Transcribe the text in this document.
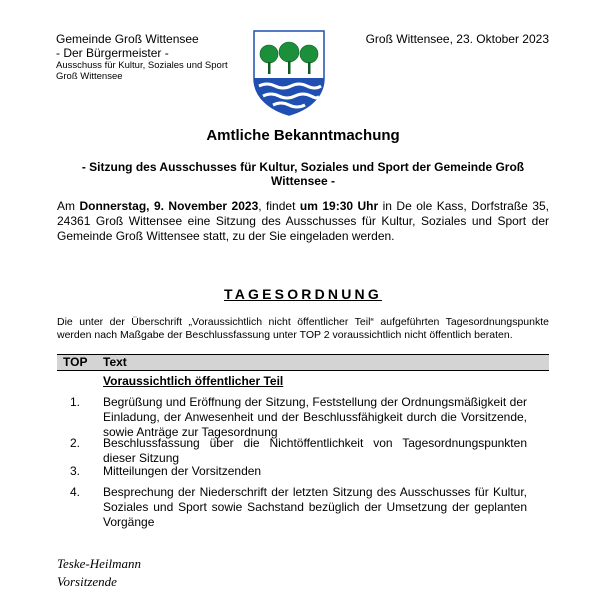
Gemeinde Groß Wittensee
- Der Bürgermeister -
Ausschuss für Kultur, Soziales und Sport
Groß Wittensee
Groß Wittensee, 23. Oktober 2023
Amtliche Bekanntmachung
- Sitzung des Ausschusses für Kultur, Soziales und Sport der Gemeinde Groß Wittensee -
Am Donnerstag, 9. November 2023, findet um 19:30 Uhr in De ole Kass, Dorfstraße 35, 24361 Groß Wittensee eine Sitzung des Ausschusses für Kultur, Soziales und Sport der Gemeinde Groß Wittensee statt, zu der Sie eingeladen werden.
TAGESORDNUNG
Die unter der Überschrift „Voraussichtlich nicht öffentlicher Teil“ aufgeführten Tagesordnungspunkte werden nach Maßgabe der Beschlussfassung unter TOP 2 voraussichtlich nicht öffentlich beraten.
TOP Text
Voraussichtlich öffentlicher Teil
1. Begrüßung und Eröffnung der Sitzung, Feststellung der Ordnungsmäßigkeit der Einladung, der Anwesenheit und der Beschlussfähigkeit durch die Vorsitzende, sowie Anträge zur Tagesordnung
2. Beschlussfassung über die Nichtöffentlichkeit von Tagesordnungspunkten dieser Sitzung
3. Mitteilungen der Vorsitzenden
4. Besprechung der Niederschrift der letzten Sitzung des Ausschusses für Kultur, Soziales und Sport sowie Sachstand bezüglich der Umsetzung der geplanten Vorgänge
Teske-Heilmann
Vorsitzende
